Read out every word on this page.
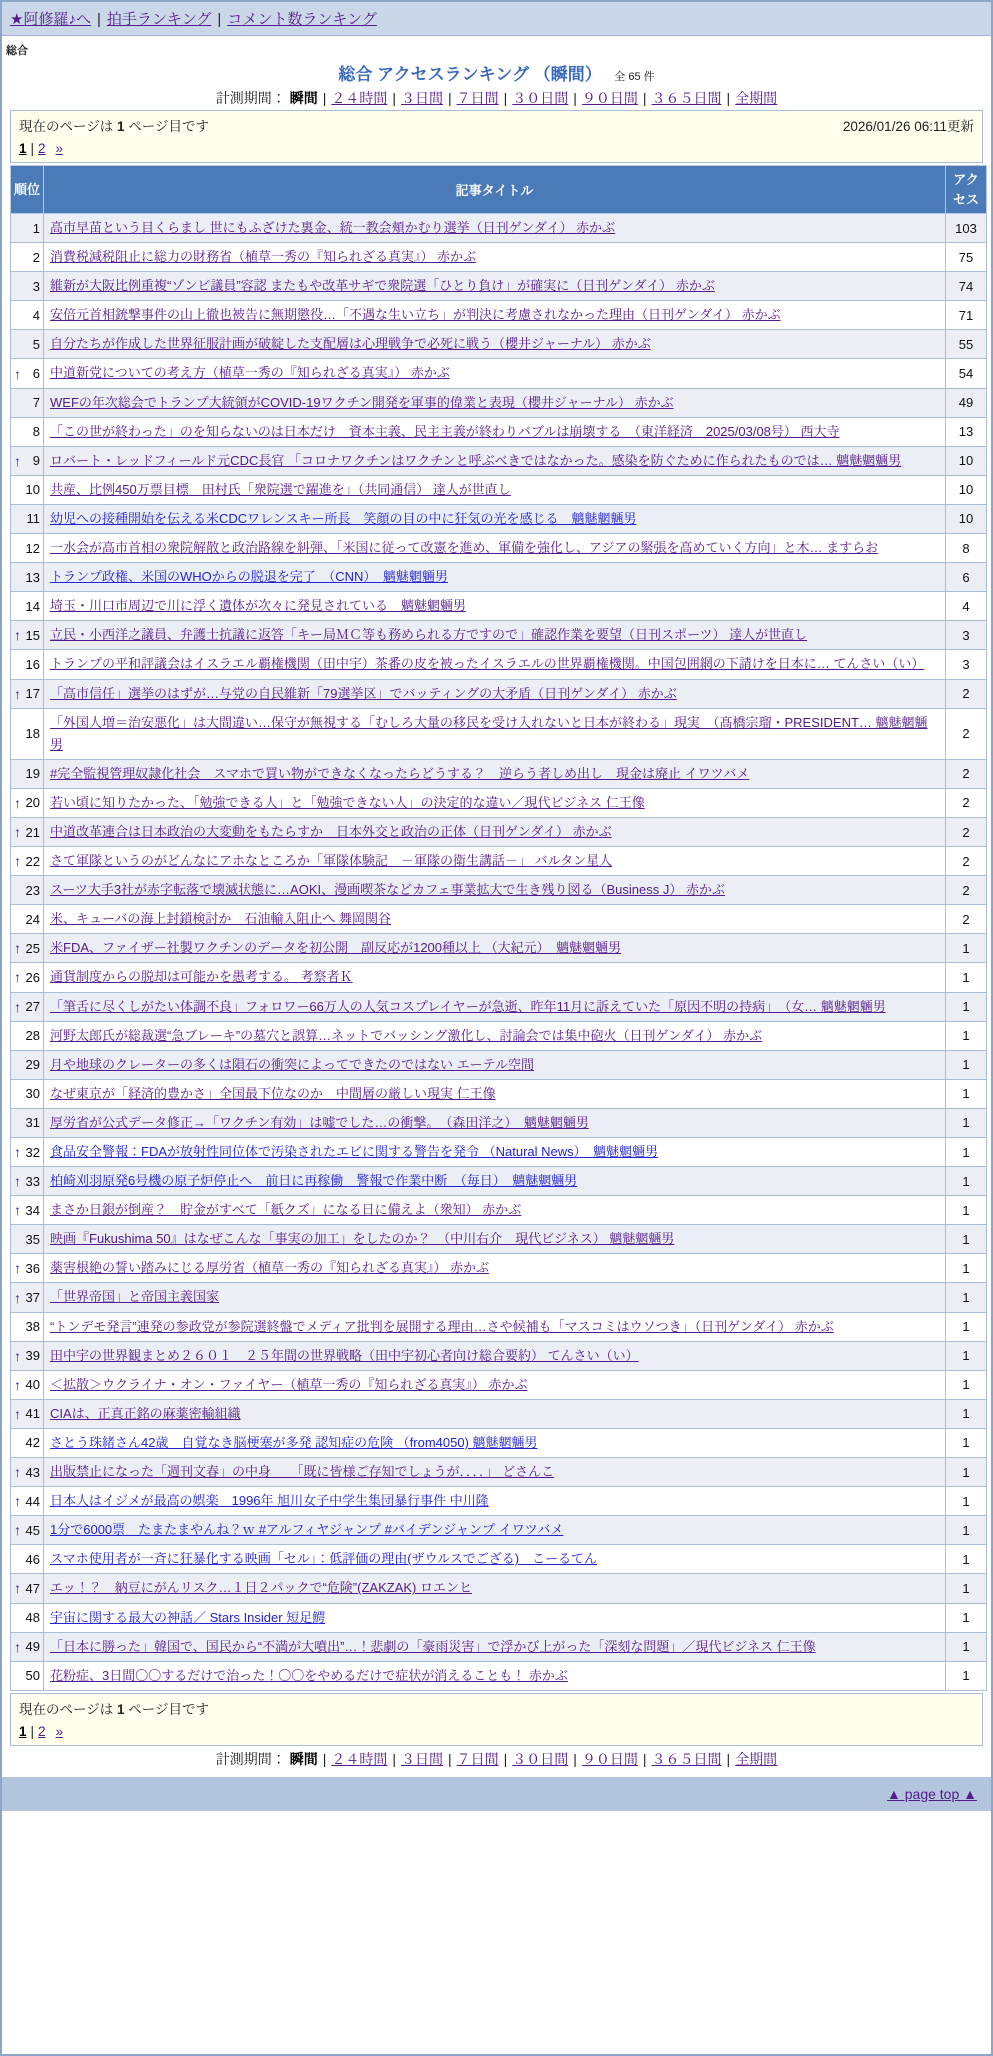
★阿修羅♪へ | 拍手ランキング | コメント数ランキング
総合
総合 アクセスランキング （瞬間） 全 65 件
計測期間： 瞬間 | ２４時間 | ３日間 | ７日間 | ３０日間 | ９０日間 | ３６５日間 | 全期間
現在のページは 1 ページ目です	2026/01/26 06:11更新
1 | 2 »
順位	記事タイトル	アクセス

1	高市早苗という目くらまし 世にもふざけた裏金、統一教会頬かむり選挙（日刊ゲンダイ） 赤かぶ	103

2	消費税減税阻止に総力の財務省（植草一秀の『知られざる真実』） 赤かぶ	75

3	維新が大阪比例重複“ゾンビ議員”容認 またもや改革サギで衆院選「ひとり負け」が確実に（日刊ゲンダイ） 赤かぶ	74

4	安倍元首相銃撃事件の山上徹也被告に無期懲役…「不遇な生い立ち」が判決に考慮されなかった理由（日刊ゲンダイ） 赤かぶ	71

5	自分たちが作成した世界征服計画が破綻した支配層は心理戦争で必死に戦う（櫻井ジャーナル） 赤かぶ	55

↑ 6	中道新党についての考え方（植草一秀の『知られざる真実』） 赤かぶ	54

7	WEFの年次総会でトランプ大統領がCOVID-19ワクチン開発を軍事的偉業と表現（櫻井ジャーナル） 赤かぶ	49

8	「この世が終わった」のを知らないのは日本だけ　資本主義、民主主義が終わりバブルは崩壊する　（東洋経済　2025/03/08号） 西大寺	13

↑ 9	ロバート・レッドフィールド元CDC長官 「コロナワクチンはワクチンと呼ぶべきではなかった。感染を防ぐために作られたものでは… 魑魅魍魎男	10

10	共産、比例450万票目標　田村氏「衆院選で躍進を」（共同通信） 達人が世直し	10

11	幼児への接種開始を伝える米CDCワレンスキー所長　笑顔の目の中に狂気の光を感じる　魑魅魍魎男	10

12	一水会が高市首相の衆院解散と政治路線を糾弾、「米国に従って改憲を進め、軍備を強化し、アジアの緊張を高めていく方向」と木… ますらお	8

13	トランプ政権、米国のWHOからの脱退を完了　（CNN）　魑魅魍魎男	6

14	埼玉・川口市周辺で川に浮く遺体が次々に発見されている　魑魅魍魎男	4

↑ 15	立民・小西洋之議員、弁護士抗議に返答「キー局ＭＣ等も務められる方ですので」確認作業を要望（日刊スポーツ） 達人が世直し	3

16	トランプの平和評議会はイスラエル覇権機関（田中宇）茶番の皮を被ったイスラエルの世界覇権機関。中国包囲網の下請けを日本に… てんさい（い）	3

↑ 17	「高市信任」選挙のはずが…与党の自民維新「79選挙区」でバッティングの大矛盾（日刊ゲンダイ） 赤かぶ	2

18	「外国人増＝治安悪化」は大間違い…保守が無視する「むしろ大量の移民を受け入れないと日本が終わる」現実　（髙橋宗瑠・PRESIDENT… 魑魅魍魎男	2

19	#完全監視管理奴隷化社会　スマホで買い物ができなくなったらどうする？　逆らう者しめ出し　現金は廃止 イワツバメ	2

↑ 20	若い頃に知りたかった、「勉強できる人」と「勉強できない人」の決定的な違い／現代ビジネス 仁王像	2

↑ 21	中道改革連合は日本政治の大変動をもたらすか　日本外交と政治の正体（日刊ゲンダイ） 赤かぶ	2

↑ 22	さて軍隊というのがどんなにアホなところか「軍隊体験記　－軍隊の衛生講話－」 バルタン星人	2

23	スーツ大手3社が赤字転落で壊滅状態に…AOKI、漫画喫茶などカフェ事業拡大で生き残り図る（Business J） 赤かぶ	2

24	米、キューバの海上封鎖検討か　石油輸入阻止へ 舞岡関谷	2

↑ 25	米FDA、ファイザー社製ワクチンのデータを初公開　副反応が1200種以上 （大紀元）　魑魅魍魎男	1

↑ 26	通貨制度からの脱却は可能かを愚考する。 考察者Ｋ	1

↑ 27	「筆舌に尽くしがたい体調不良」フォロワー66万人の人気コスプレイヤーが急逝、昨年11月に訴えていた「原因不明の持病」　（女… 魑魅魍魎男	1

28	河野太郎氏が総裁選“急ブレーキ”の墓穴と誤算…ネットでバッシング激化し、討論会では集中砲火（日刊ゲンダイ） 赤かぶ	1

29	月や地球のクレーターの多くは隕石の衝突によってできたのではない エーテル空間	1

30	なぜ東京が「経済的豊かさ」全国最下位なのか　中間層の厳しい現実 仁王像	1

31	厚労省が公式データ修正→「ワクチン有効」は嘘でした…の衝撃。　（森田洋之）　魑魅魍魎男	1

↑ 32	食品安全警報：FDAが放射性同位体で汚染されたエビに関する警告を発令 （Natural News）　魑魅魍魎男	1

↑ 33	柏崎刈羽原発6号機の原子炉停止へ　前日に再稼働　警報で作業中断　（毎日）　魑魅魍魎男	1

↑ 34	まさか日銀が倒産？　貯金がすべて「紙クズ」になる日に備えよ（衆知） 赤かぶ	1

35	映画『Fukushima 50』はなぜこんな「事実の加工」をしたのか？　（中川右介　現代ビジネス） 魑魅魍魎男	1

↑ 36	薬害根絶の誓い踏みにじる厚労省（植草一秀の『知られざる真実』） 赤かぶ	1

↑ 37	「世界帝国」と帝国主義国家	1

38	“トンデモ発言”連発の参政党が参院選終盤でメディア批判を展開する理由…さや候補も「マスコミはウソつき」（日刊ゲンダイ） 赤かぶ	1

↑ 39	田中宇の世界観まとめ２６０１　２５年間の世界戦略（田中宇初心者向け総合要約） てんさい（い）	1

↑ 40	＜拡散＞ウクライナ・オン・ファイヤー（植草一秀の『知られざる真実』） 赤かぶ	1

↑ 41	CIAは、正真正銘の麻薬密輸組織	1

42	さとう珠緒さん42歳　自覚なき脳梗塞が多発 認知症の危険 （from4050) 魑魅魍魎男	1

↑ 43	出版禁止になった「週刊文春」の中身　　「既に皆様ご存知でしょうが．．．．」 どさんこ	1

↑ 44	日本人はイジメが最高の娯楽　1996年 旭川女子中学生集団暴行事件 中川隆	1

↑ 45	1分で6000票　たまたまやんね？ｗ #アルフィヤジャンプ #バイデンジャンプ イワツバメ	1

46	スマホ使用者が一斉に狂暴化する映画「セル」：低評価の理由(ザウルスでござる)　こーるてん	1

↑ 47	エッ！？　納豆にがんリスク…１日２パックで“危険”(ZAKZAK) ロエンヒ	1

48	宇宙に関する最大の神話／ Stars Insider 短足鰐	1

↑ 49	「日本に勝った」韓国で、国民から“不満が大噴出”…！悲劇の「豪雨災害」で浮かび上がった「深刻な問題」／現代ビジネス 仁王像	1

50	花粉症、3日間〇〇するだけで治った！〇〇をやめるだけで症状が消えることも！ 赤かぶ	1
現在のページは 1 ページ目です
1 | 2 »
計測期間： 瞬間 | ２４時間 | ３日間 | ７日間 | ３０日間 | ９０日間 | ３６５日間 | 全期間
▲ page top ▲
